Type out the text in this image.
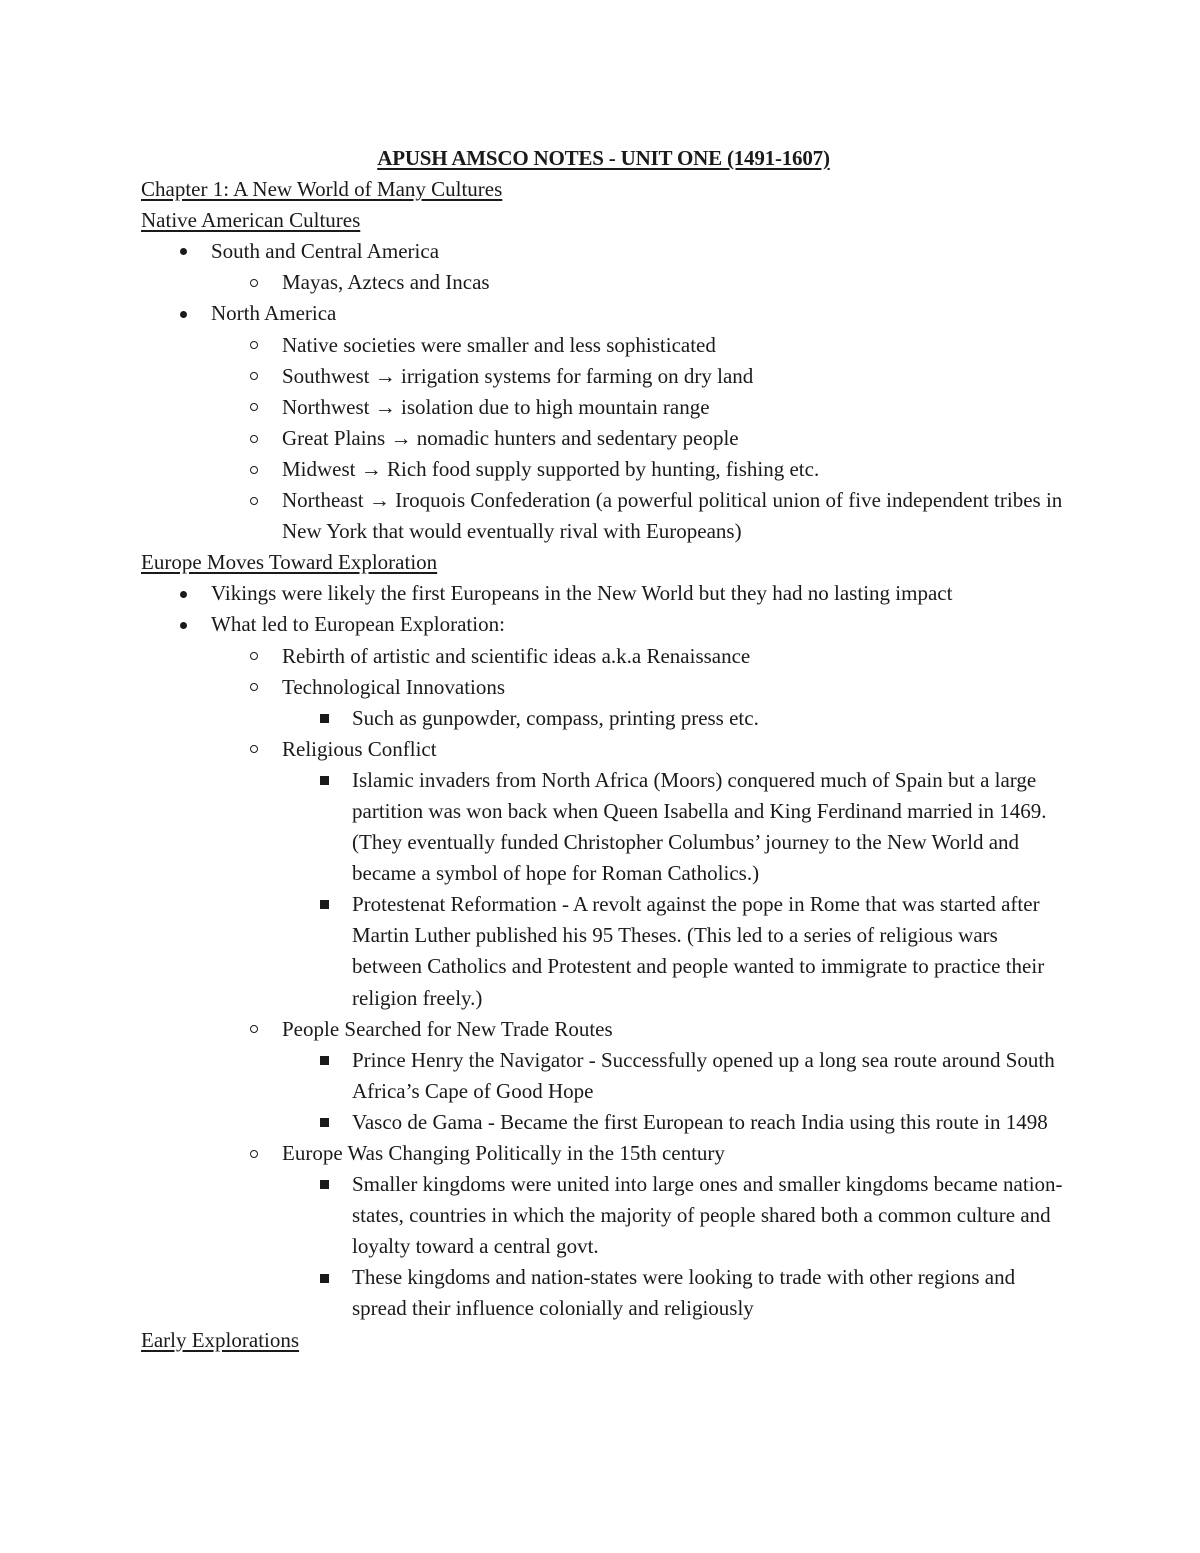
APUSH AMSCO NOTES - UNIT ONE (1491-1607)
Chapter 1: A New World of Many Cultures
Native American Cultures
South and Central America
Mayas, Aztecs and Incas
North America
Native societies were smaller and less sophisticated
Southwest → irrigation systems for farming on dry land
Northwest → isolation due to high mountain range
Great Plains → nomadic hunters and sedentary people
Midwest → Rich food supply supported by hunting, fishing etc.
Northeast → Iroquois Confederation (a powerful political union of five independent tribes in New York that would eventually rival with Europeans)
Europe Moves Toward Exploration
Vikings were likely the first Europeans in the New World but they had no lasting impact
What led to European Exploration:
Rebirth of artistic and scientific ideas a.k.a Renaissance
Technological Innovations
Such as gunpowder, compass, printing press etc.
Religious Conflict
Islamic invaders from North Africa (Moors) conquered much of Spain but a large partition was won back when Queen Isabella and King Ferdinand married in 1469. (They eventually funded Christopher Columbus’ journey to the New World and became a symbol of hope for Roman Catholics.)
Protestenat Reformation - A revolt against the pope in Rome that was started after Martin Luther published his 95 Theses. (This led to a series of religious wars between Catholics and Protestent and people wanted to immigrate to practice their religion freely.)
People Searched for New Trade Routes
Prince Henry the Navigator - Successfully opened up a long sea route around South Africa’s Cape of Good Hope
Vasco de Gama - Became the first European to reach India using this route in 1498
Europe Was Changing Politically in the 15th century
Smaller kingdoms were united into large ones and smaller kingdoms became nation-states, countries in which the majority of people shared both a common culture and loyalty toward a central govt.
These kingdoms and nation-states were looking to trade with other regions and spread their influence colonially and religiously
Early Explorations
